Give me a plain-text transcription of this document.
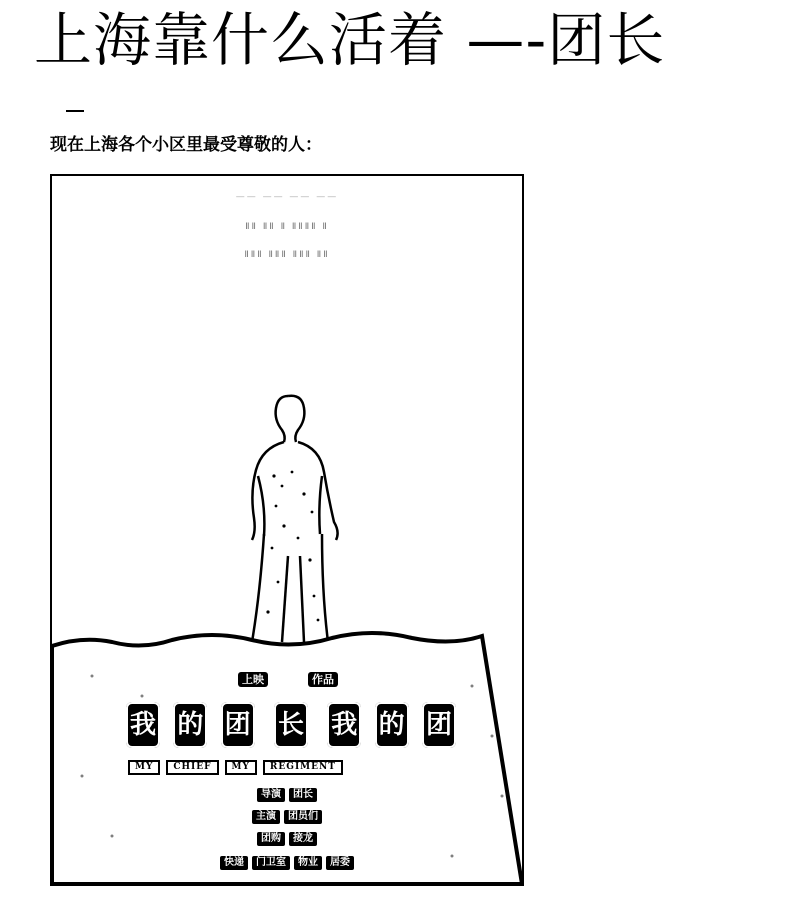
上海靠什么活着 —-团长
现在上海各个小区里最受尊敬的人：
—— —— —— ——
ⅡⅡ ⅡⅡ Ⅱ ⅡⅡⅡⅡ Ⅱ
ⅡⅡⅡ ⅡⅡⅡ ⅡⅡⅡ ⅡⅡ
上映	作品
我 的 团 长 我 的 团
MY	CHIEF	MY	REGIMENT
导演 团长
主演 团员们
团购 接龙
快递 门卫室 物业 居委
